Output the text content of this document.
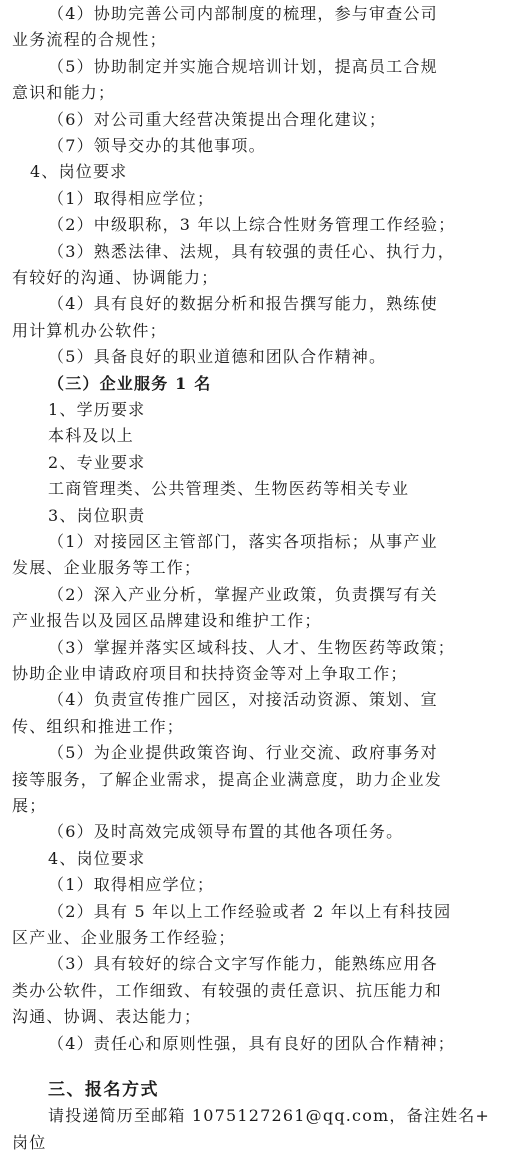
（4）协助完善公司内部制度的梳理，参与审查公司
业务流程的合规性；
（5）协助制定并实施合规培训计划，提高员工合规
意识和能力；
（6）对公司重大经营决策提出合理化建议；
（7）领导交办的其他事项。
4、岗位要求
（1）取得相应学位；
（2）中级职称，3 年以上综合性财务管理工作经验；
（3）熟悉法律、法规，具有较强的责任心、执行力，
有较好的沟通、协调能力；
（4）具有良好的数据分析和报告撰写能力，熟练使
用计算机办公软件；
（5）具备良好的职业道德和团队合作精神。
（三）企业服务 1 名
1、学历要求
本科及以上
2、专业要求
工商管理类、公共管理类、生物医药等相关专业
3、岗位职责
（1）对接园区主管部门，落实各项指标；从事产业
发展、企业服务等工作；
（2）深入产业分析，掌握产业政策，负责撰写有关
产业报告以及园区品牌建设和维护工作；
（3）掌握并落实区域科技、人才、生物医药等政策；
协助企业申请政府项目和扶持资金等对上争取工作；
（4）负责宣传推广园区，对接活动资源、策划、宣
传、组织和推进工作；
（5）为企业提供政策咨询、行业交流、政府事务对
接等服务，了解企业需求，提高企业满意度，助力企业发
展；
（6）及时高效完成领导布置的其他各项任务。
4、岗位要求
（1）取得相应学位；
（2）具有 5 年以上工作经验或者 2 年以上有科技园
区产业、企业服务工作经验；
（3）具有较好的综合文字写作能力，能熟练应用各
类办公软件，工作细致、有较强的责任意识、抗压能力和
沟通、协调、表达能力；
（4）责任心和原则性强，具有良好的团队合作精神；
三、报名方式
请投递简历至邮箱 1075127261@qq.com，备注姓名+
岗位
